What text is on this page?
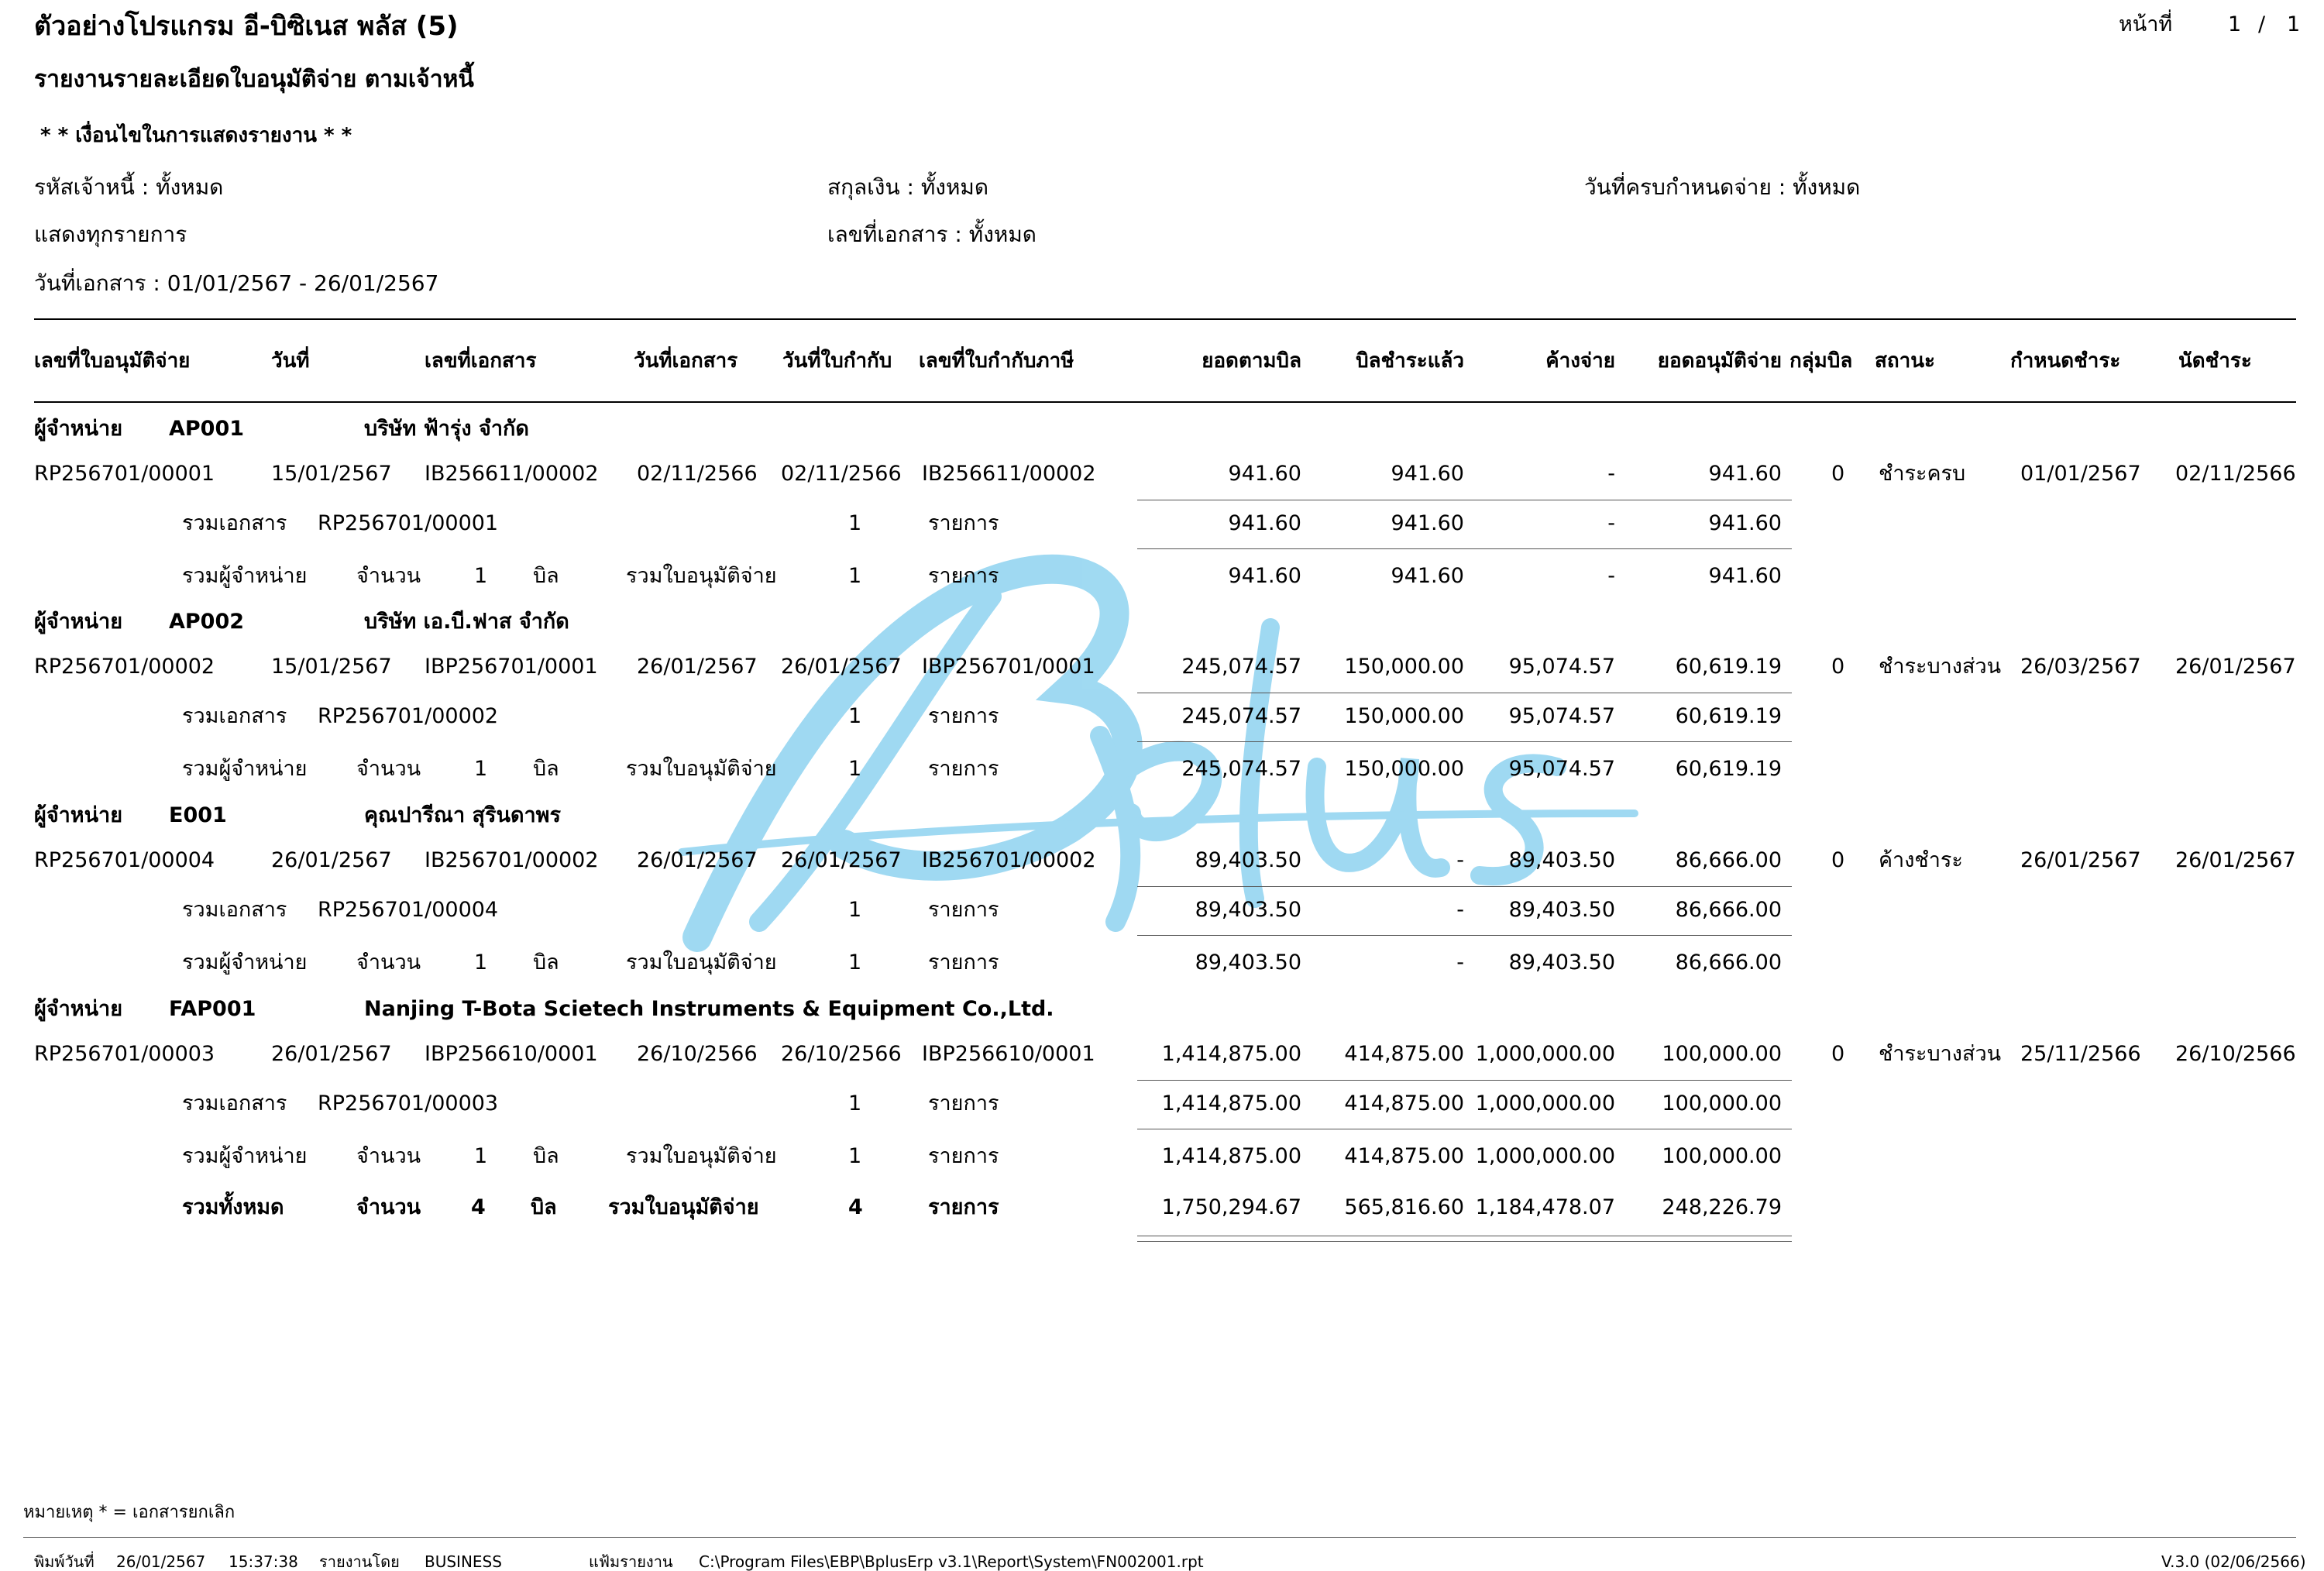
ตัวอย่างโปรแกรม อี-บิซิเนส พลัส (5)	หน้าที่	1 / 1
รายงานรายละเอียดใบอนุมัติจ่าย ตามเจ้าหนี้
* * เงื่อนไขในการแสดงรายงาน * *
รหัสเจ้าหนี้ : ทั้งหมด	สกุลเงิน : ทั้งหมด	วันที่ครบกำหนดจ่าย : ทั้งหมด
แสดงทุกรายการ	เลขที่เอกสาร : ทั้งหมด
วันที่เอกสาร : 01/01/2567 - 26/01/2567
เลขที่ใบอนุมัติจ่าย	วันที่	เลขที่เอกสาร	วันที่เอกสาร วันที่ใบกำกับ เลขที่ใบกำกับภาษี	ยอดตามบิล	บิลชำระแล้ว	ค้างจ่าย	ยอดอนุมัติจ่าย กลุ่มบิล สถานะ	กำหนดชำระ	นัดชำระ
ผู้จำหน่าย AP001	บริษัท ฟ้ารุ่ง จำกัด
RP256701/00001	15/01/2567 IB256611/00002 02/11/2566 02/11/2566 IB256611/00002	941.60	941.60	-	941.60 0 ชำระครบ	01/01/2567 02/11/2566
รวมเอกสาร RP256701/00001	1	รายการ	941.60	941.60	-	941.60
รวมผู้จำหน่าย จำนวน	1 บิล	รวมใบอนุมัติจ่าย	1	รายการ	941.60	941.60	-	941.60
ผู้จำหน่าย AP002	บริษัท เอ.บี.ฟาส จำกัด
RP256701/00002	15/01/2567 IBP256701/0001 26/01/2567 26/01/2567 IBP256701/0001	245,074.57	150,000.00	95,074.57	60,619.19 0 ชำระบางส่วน 26/03/2567 26/01/2567
รวมเอกสาร RP256701/00002	1	รายการ	245,074.57	150,000.00	95,074.57	60,619.19
รวมผู้จำหน่าย จำนวน	1 บิล	รวมใบอนุมัติจ่าย	1	รายการ	245,074.57	150,000.00	95,074.57	60,619.19
ผู้จำหน่าย E001	คุณปารีณา สุรินดาพร
RP256701/00004	26/01/2567 IB256701/00002 26/01/2567 26/01/2567 IB256701/00002	89,403.50	-	89,403.50	86,666.00 0 ค้างชำระ	26/01/2567 26/01/2567
รวมเอกสาร RP256701/00004	1	รายการ	89,403.50	-	89,403.50	86,666.00
รวมผู้จำหน่าย จำนวน	1 บิล	รวมใบอนุมัติจ่าย	1	รายการ	89,403.50	-	89,403.50	86,666.00
ผู้จำหน่าย FAP001	Nanjing T-Bota Scietech Instruments & Equipment Co.,Ltd.
RP256701/00003	26/01/2567 IBP256610/0001 26/10/2566 26/10/2566 IBP256610/0001	1,414,875.00	414,875.00 1,000,000.00	100,000.00 0 ชำระบางส่วน 25/11/2566 26/10/2566
รวมเอกสาร RP256701/00003	1	รายการ	1,414,875.00	414,875.00 1,000,000.00	100,000.00
รวมผู้จำหน่าย จำนวน	1 บิล	รวมใบอนุมัติจ่าย	1	รายการ	1,414,875.00	414,875.00 1,000,000.00	100,000.00
รวมทั้งหมด	จำนวน 4 บิล รวมใบอนุมัติจ่าย	4	รายการ	1,750,294.67	565,816.60 1,184,478.07	248,226.79
หมายเหตุ * = เอกสารยกเลิก
พิมพ์วันที่ 26/01/2567 15:37:38 รายงานโดย BUSINESS	แฟ้มรายงาน C:\Program Files\EBP\BplusErp v3.1\Report\System\FN002001.rpt	V.3.0 (02/06/2566)
